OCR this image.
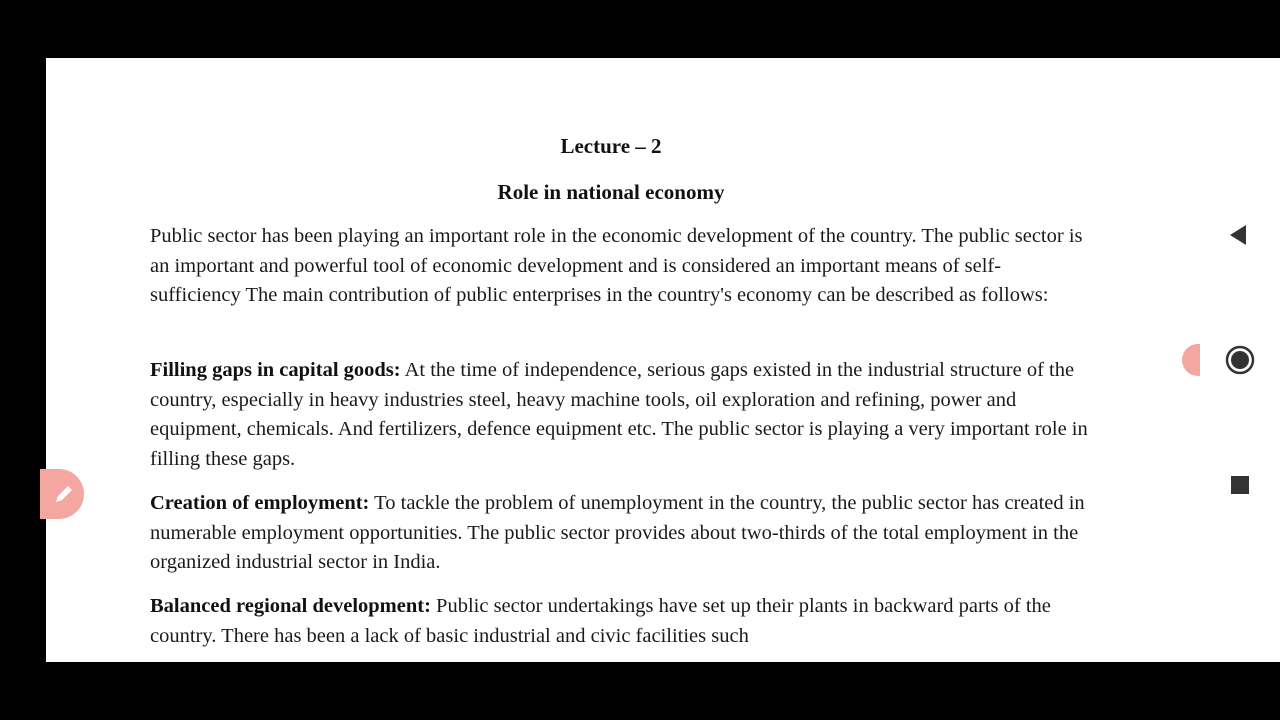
Lecture – 2
Role in national economy

Public sector has been playing an important role in the economic development of the country. The public sector is an important and powerful tool of economic development and is considered an important means of self-sufficiency The main contribution of public enterprises in the country's economy can be described as follows:

Filling gaps in capital goods: At the time of independence, serious gaps existed in the industrial structure of the country, especially in heavy industries steel, heavy machine tools, oil exploration and refining, power and equipment, chemicals. And fertilizers, defence equipment etc. The public sector is playing a very important role in filling these gaps.

Creation of employment: To tackle the problem of unemployment in the country, the public sector has created in numerable employment opportunities. The public sector provides about two-thirds of the total employment in the organized industrial sector in India.

Balanced regional development: Public sector undertakings have set up their plants in backward parts of the country. There has been a lack of basic industrial and civic facilities such
